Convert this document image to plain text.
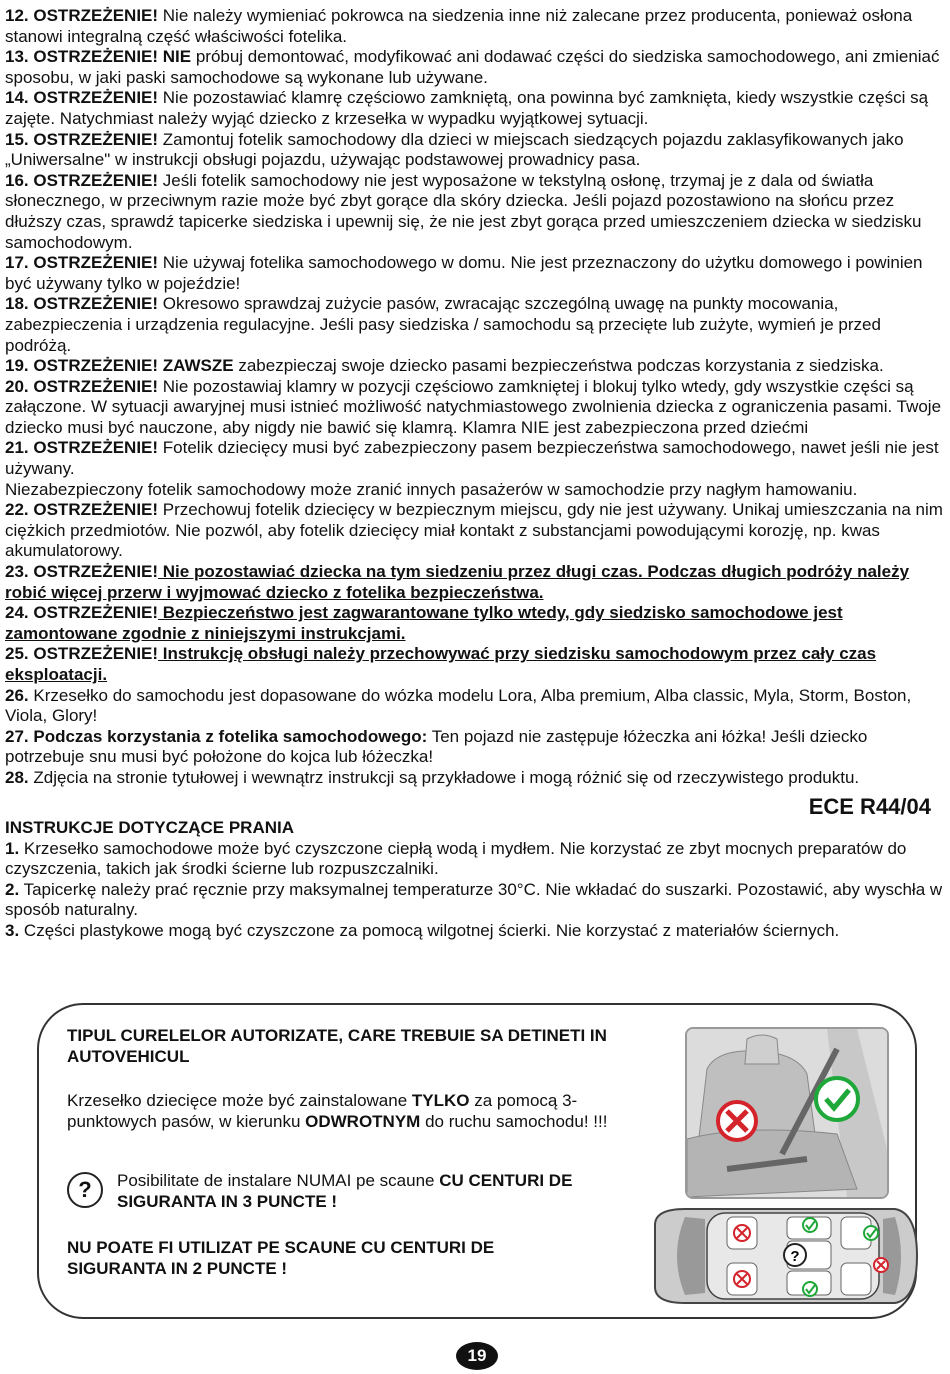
12. OSTRZEŻENIE! Nie należy wymieniać pokrowca na siedzenia inne niż zalecane przez producenta, ponieważ osłona stanowi integralną część właściwości fotelika.

13. OSTRZEŻENIE! NIE próbuj demontować, modyfikować ani dodawać części do siedziska samochodowego, ani zmieniać sposobu, w jaki paski samochodowe są wykonane lub używane.

14. OSTRZEŻENIE! Nie pozostawiać klamrę częściowo zamkniętą, ona powinna być zamknięta, kiedy wszystkie części są zajęte. Natychmiast należy wyjąć dziecko z krzesełka w wypadku wyjątkowej sytuacji.

15. OSTRZEŻENIE! Zamontuj fotelik samochodowy dla dzieci w miejscach siedzących pojazdu zaklasyfikowanych jako „Uniwersalne" w instrukcji obsługi pojazdu, używając podstawowej prowadnicy pasa.

16. OSTRZEŻENIE! Jeśli fotelik samochodowy nie jest wyposażone w tekstylną osłonę, trzymaj je z dala od światła słonecznego, w przeciwnym razie może być zbyt gorące dla skóry dziecka. Jeśli pojazd pozostawiono na słońcu przez dłuższy czas, sprawdź tapicerke siedziska i upewnij się, że nie jest zbyt gorąca przed umieszczeniem dziecka w siedzisku samochodowym.

17. OSTRZEŻENIE! Nie używaj fotelika samochodowego w domu. Nie jest przeznaczony do użytku domowego i powinien być używany tylko w pojeździe!

18. OSTRZEŻENIE! Okresowo sprawdzaj zużycie pasów, zwracając szczególną uwagę na punkty mocowania, zabezpieczenia i urządzenia regulacyjne. Jeśli pasy siedziska / samochodu są przecięte lub zużyte, wymień je przed podróżą.

19. OSTRZEŻENIE! ZAWSZE zabezpieczaj swoje dziecko pasami bezpieczeństwa podczas korzystania z siedziska.

20. OSTRZEŻENIE! Nie pozostawiaj klamry w pozycji częściowo zamkniętej i blokuj tylko wtedy, gdy wszystkie części są załączone. W sytuacji awaryjnej musi istnieć możliwość natychmiastowego zwolnienia dziecka z ograniczenia pasami. Twoje dziecko musi być nauczone, aby nigdy nie bawić się klamrą. Klamra NIE jest zabezpieczona przed dziećmi

21. OSTRZEŻENIE! Fotelik dziecięcy musi być zabezpieczony pasem bezpieczeństwa samochodowego, nawet jeśli nie jest używany.

Niezabezpieczony fotelik samochodowy może zranić innych pasażerów w samochodzie przy nagłym hamowaniu.

22. OSTRZEŻENIE! Przechowuj fotelik dziecięcy w bezpiecznym miejscu, gdy nie jest używany. Unikaj umieszczania na nim ciężkich przedmiotów. Nie pozwól, aby fotelik dziecięcy miał kontakt z substancjami powodującymi korozję, np. kwas akumulatorowy.

23. OSTRZEŻENIE! Nie pozostawiać dziecka na tym siedzeniu przez długi czas. Podczas długich podróży należy robić więcej przerw i wyjmować dziecko z fotelika bezpieczeństwa.

24. OSTRZEŻENIE! Bezpieczeństwo jest zagwarantowane tylko wtedy, gdy siedzisko samochodowe jest zamontowane zgodnie z niniejszymi instrukcjami.

25. OSTRZEŻENIE! Instrukcję obsługi należy przechowywać przy siedzisku samochodowym przez cały czas eksploatacji.

26. Krzesełko do samochodu jest dopasowane do wózka modelu Lora, Alba premium, Alba classic, Myla, Storm, Boston, Viola, Glory!

27. Podczas korzystania z fotelika samochodowego: Ten pojazd nie zastępuje łóżeczka ani łóżka! Jeśli dziecko potrzebuje snu musi być położone do kojca lub łóżeczka!

28. Zdjęcia na stronie tytułowej i wewnątrz instrukcji są przykładowe i mogą różnić się od rzeczywistego produktu.

INSTRUKCJE DOTYCZĄCE PRANIA
ECE R44/04

1. Krzesełko samochodowe może być czyszczone ciepłą wodą i mydłem. Nie korzystać ze zbyt mocnych preparatów do czyszczenia, takich jak środki ścierne lub rozpuszczalniki.

2. Tapicerkę należy prać ręcznie przy maksymalnej temperaturze 30°C. Nie wkładać do suszarki. Pozostawić, aby wyschła w sposób naturalny.

3. Części plastykowe mogą być czyszczone za pomocą wilgotnej ścierki. Nie korzystać z materiałów ściernych.

TIPUL CURELELOR AUTORIZATE, CARE TREBUIE SA DETINETI IN AUTOVEHICUL
Krzesełko dziecięce może być zainstalowane TYLKO za pomocą 3-punktowych pasów, w kierunku ODWROTNYM do ruchu samochodu! !!!
?	Posibilitate de instalare NUMAI pe scaune CU CENTURI DE SIGURANTA IN 3 PUNCTE !
NU POATE FI UTILIZAT PE SCAUNE CU CENTURI DE SIGURANTA IN 2 PUNCTE !
?
19
